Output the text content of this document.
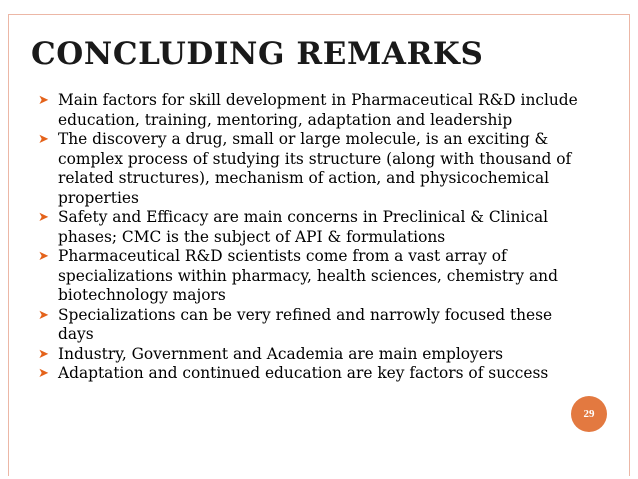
CONCLUDING REMARKS
➤ Main factors for skill development in Pharmaceutical R&D include
education, training, mentoring, adaptation and leadership
➤ The discovery a drug, small or large molecule, is an exciting &
complex process of studying its structure (along with thousand of
related structures), mechanism of action, and physicochemical
properties
➤ Safety and Efficacy are main concerns in Preclinical & Clinical
phases; CMC is the subject of API & formulations
➤ Pharmaceutical R&D scientists come from a vast array of
specializations within pharmacy, health sciences, chemistry and
biotechnology majors
➤ Specializations can be very refined and narrowly focused these
days
➤ Industry, Government and Academia are main employers
➤ Adaptation and continued education are key factors of success
29
